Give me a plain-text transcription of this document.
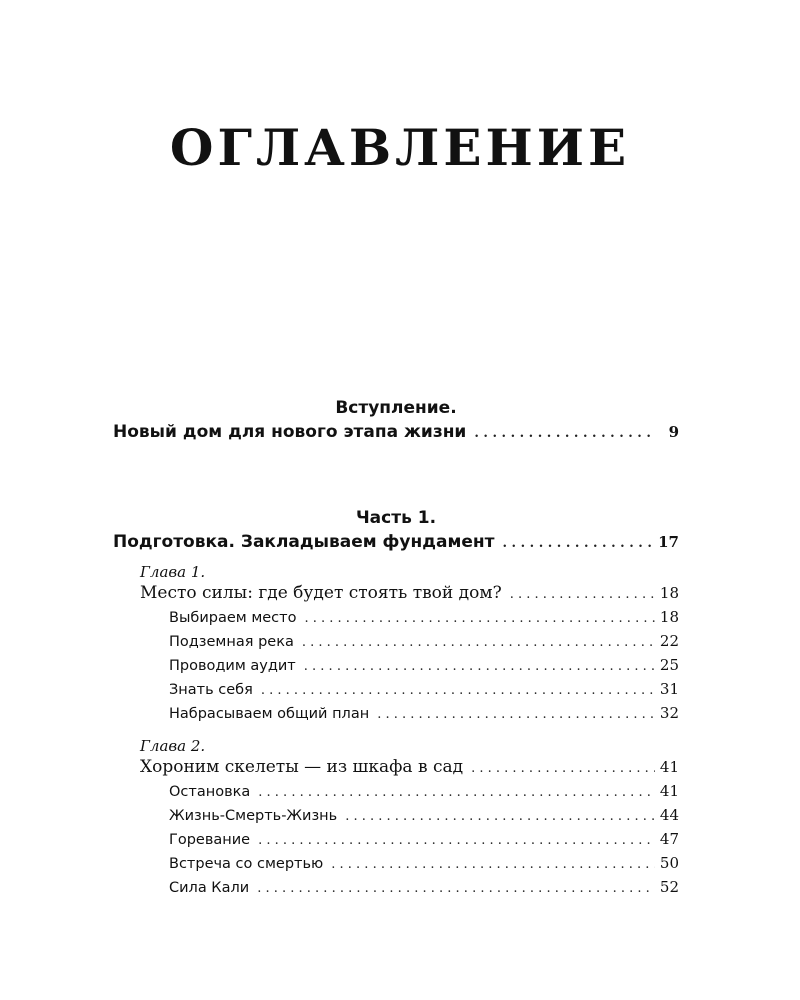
ОГЛАВЛЕНИЕ
Вступление.
Новый дом для нового этапа жизни . . .	9
Часть 1.
Подготовка. Закладываем фундамент . . .	17
Глава 1.
Место силы: где будет стоять твой дом? . . .	18
Выбираем место . . .	18
Подземная река . . .	22
Проводим аудит . . .	25
Знать себя . . .	31
Набрасываем общий план . . .	32
Глава 2.
Хороним скелеты — из шкафа в сад . . .	41
Остановка . . .	41
Жизнь-Смерть-Жизнь . . .	44
Горевание . . .	47
Встреча со смертью . . .	50
Сила Кали . . .	52
